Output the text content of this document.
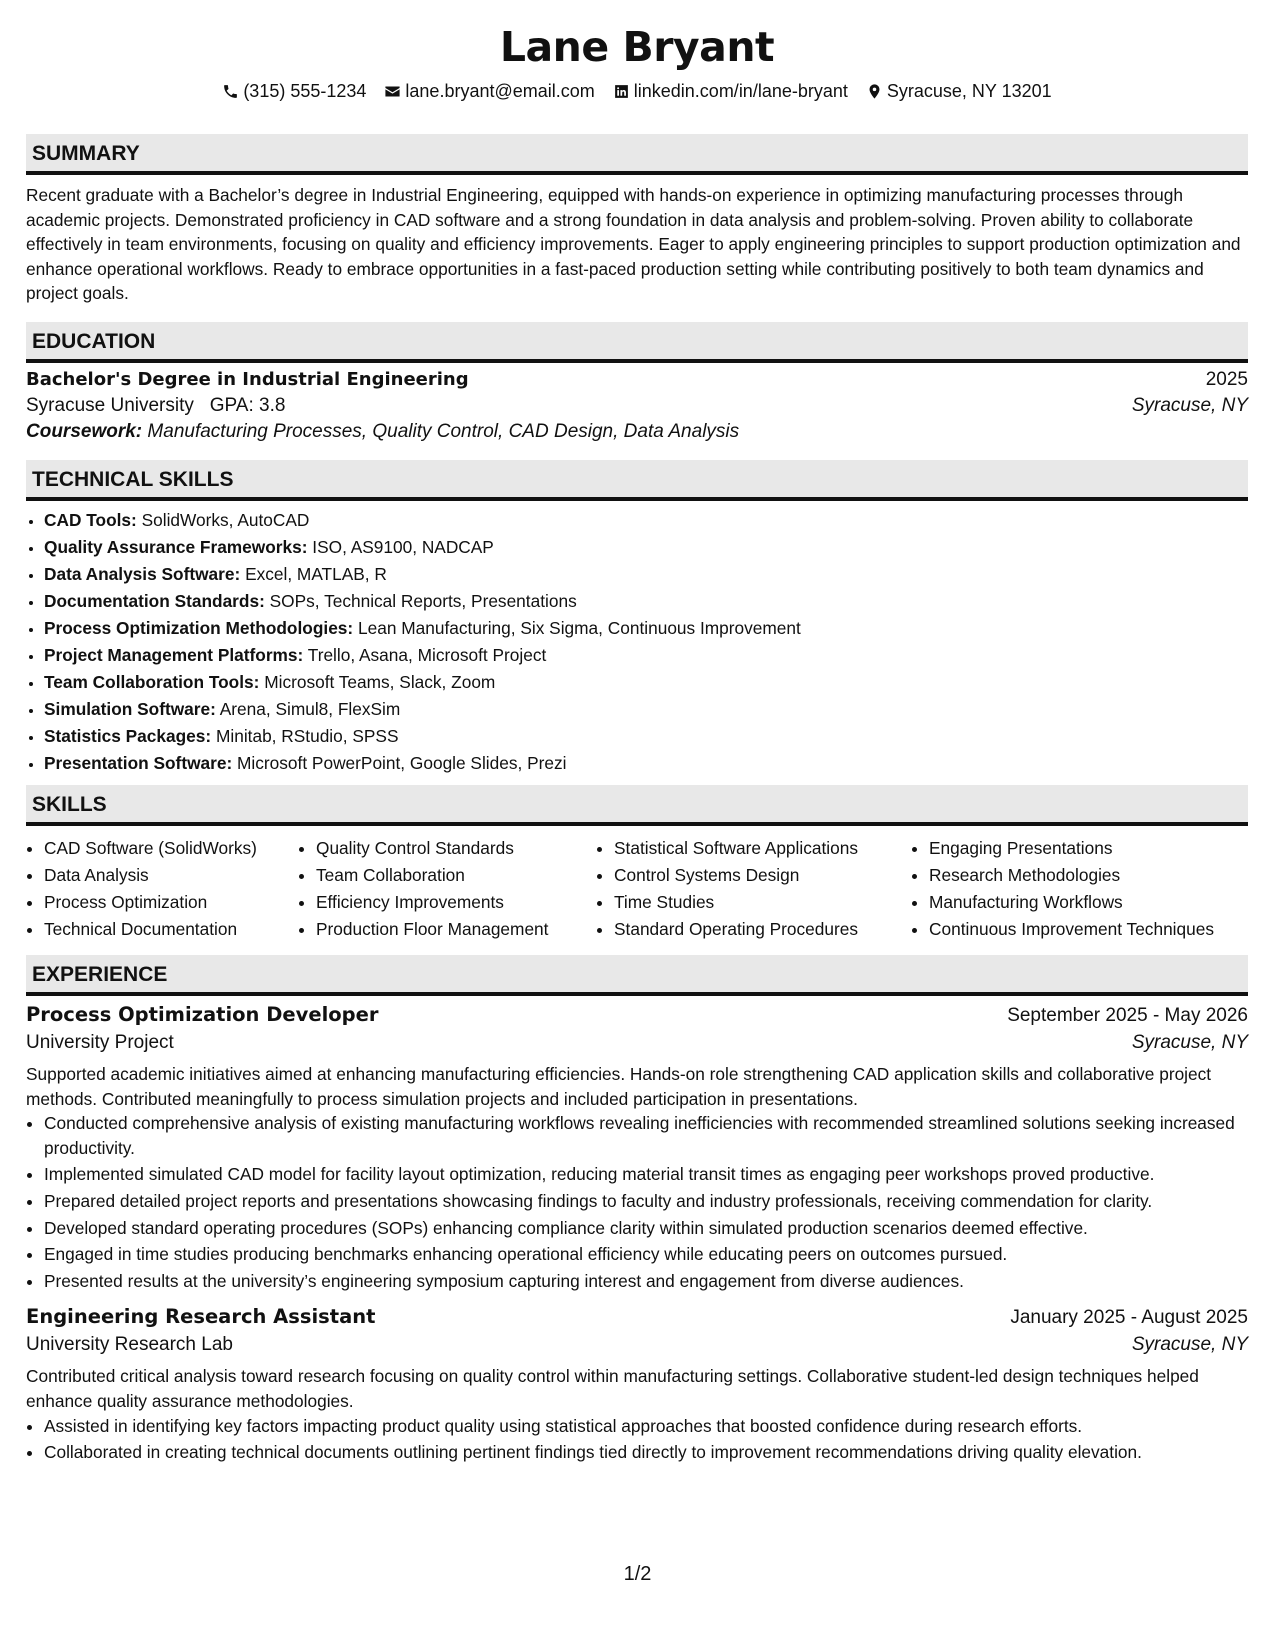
Lane Bryant
(315) 555-1234 lane.bryant@email.com linkedin.com/in/lane-bryant Syracuse, NY 13201
SUMMARY
Recent graduate with a Bachelor’s degree in Industrial Engineering, equipped with hands-on experience in optimizing manufacturing processes through academic projects. Demonstrated proficiency in CAD software and a strong foundation in data analysis and problem-solving. Proven ability to collaborate effectively in team environments, focusing on quality and efficiency improvements. Eager to apply engineering principles to support production optimization and enhance operational workflows. Ready to embrace opportunities in a fast-paced production setting while contributing positively to both team dynamics and project goals.
EDUCATION
Bachelor's Degree in Industrial Engineering	2025
Syracuse University GPA: 3.8	Syracuse, NY
Coursework: Manufacturing Processes, Quality Control, CAD Design, Data Analysis
TECHNICAL SKILLS
• CAD Tools: SolidWorks, AutoCAD
• Quality Assurance Frameworks: ISO, AS9100, NADCAP
• Data Analysis Software: Excel, MATLAB, R
• Documentation Standards: SOPs, Technical Reports, Presentations
• Process Optimization Methodologies: Lean Manufacturing, Six Sigma, Continuous Improvement
• Project Management Platforms: Trello, Asana, Microsoft Project
• Team Collaboration Tools: Microsoft Teams, Slack, Zoom
• Simulation Software: Arena, Simul8, FlexSim
• Statistics Packages: Minitab, RStudio, SPSS
• Presentation Software: Microsoft PowerPoint, Google Slides, Prezi
SKILLS
• CAD Software (SolidWorks)
• Data Analysis
• Process Optimization
• Technical Documentation
• Quality Control Standards
• Team Collaboration
• Efficiency Improvements
• Production Floor Management
• Statistical Software Applications
• Control Systems Design
• Time Studies
• Standard Operating Procedures
• Engaging Presentations
• Research Methodologies
• Manufacturing Workflows
• Continuous Improvement Techniques
EXPERIENCE
Process Optimization Developer	September 2025 - May 2026
University Project	Syracuse, NY
Supported academic initiatives aimed at enhancing manufacturing efficiencies. Hands-on role strengthening CAD application skills and collaborative project methods. Contributed meaningfully to process simulation projects and included participation in presentations.
• Conducted comprehensive analysis of existing manufacturing workflows revealing inefficiencies with recommended streamlined solutions seeking increased productivity.
• Implemented simulated CAD model for facility layout optimization, reducing material transit times as engaging peer workshops proved productive.
• Prepared detailed project reports and presentations showcasing findings to faculty and industry professionals, receiving commendation for clarity.
• Developed standard operating procedures (SOPs) enhancing compliance clarity within simulated production scenarios deemed effective.
• Engaged in time studies producing benchmarks enhancing operational efficiency while educating peers on outcomes pursued.
• Presented results at the university’s engineering symposium capturing interest and engagement from diverse audiences.
Engineering Research Assistant	January 2025 - August 2025
University Research Lab	Syracuse, NY
Contributed critical analysis toward research focusing on quality control within manufacturing settings. Collaborative student-led design techniques helped enhance quality assurance methodologies.
• Assisted in identifying key factors impacting product quality using statistical approaches that boosted confidence during research efforts.
• Collaborated in creating technical documents outlining pertinent findings tied directly to improvement recommendations driving quality elevation.
1/2
